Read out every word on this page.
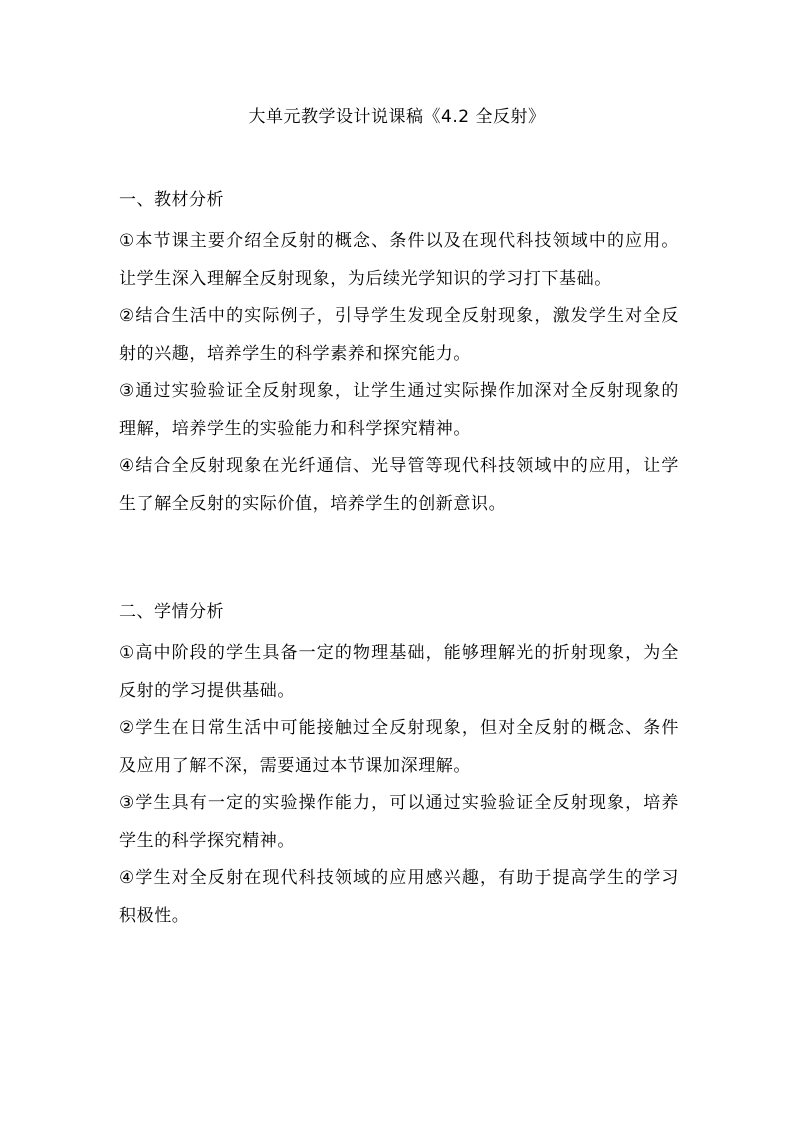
大单元教学设计说课稿《4.2 全反射》
一、教材分析

①本节课主要介绍全反射的概念、条件以及在现代科技领域中的应用。让学生深入理解全反射现象，为后续光学知识的学习打下基础。

②结合生活中的实际例子，引导学生发现全反射现象，激发学生对全反射的兴趣，培养学生的科学素养和探究能力。

③通过实验验证全反射现象，让学生通过实际操作加深对全反射现象的理解，培养学生的实验能力和科学探究精神。

④结合全反射现象在光纤通信、光导管等现代科技领域中的应用，让学生了解全反射的实际价值，培养学生的创新意识。

二、学情分析

①高中阶段的学生具备一定的物理基础，能够理解光的折射现象，为全反射的学习提供基础。

②学生在日常生活中可能接触过全反射现象，但对全反射的概念、条件及应用了解不深，需要通过本节课加深理解。

③学生具有一定的实验操作能力，可以通过实验验证全反射现象，培养学生的科学探究精神。

④学生对全反射在现代科技领域的应用感兴趣，有助于提高学生的学习积极性。
